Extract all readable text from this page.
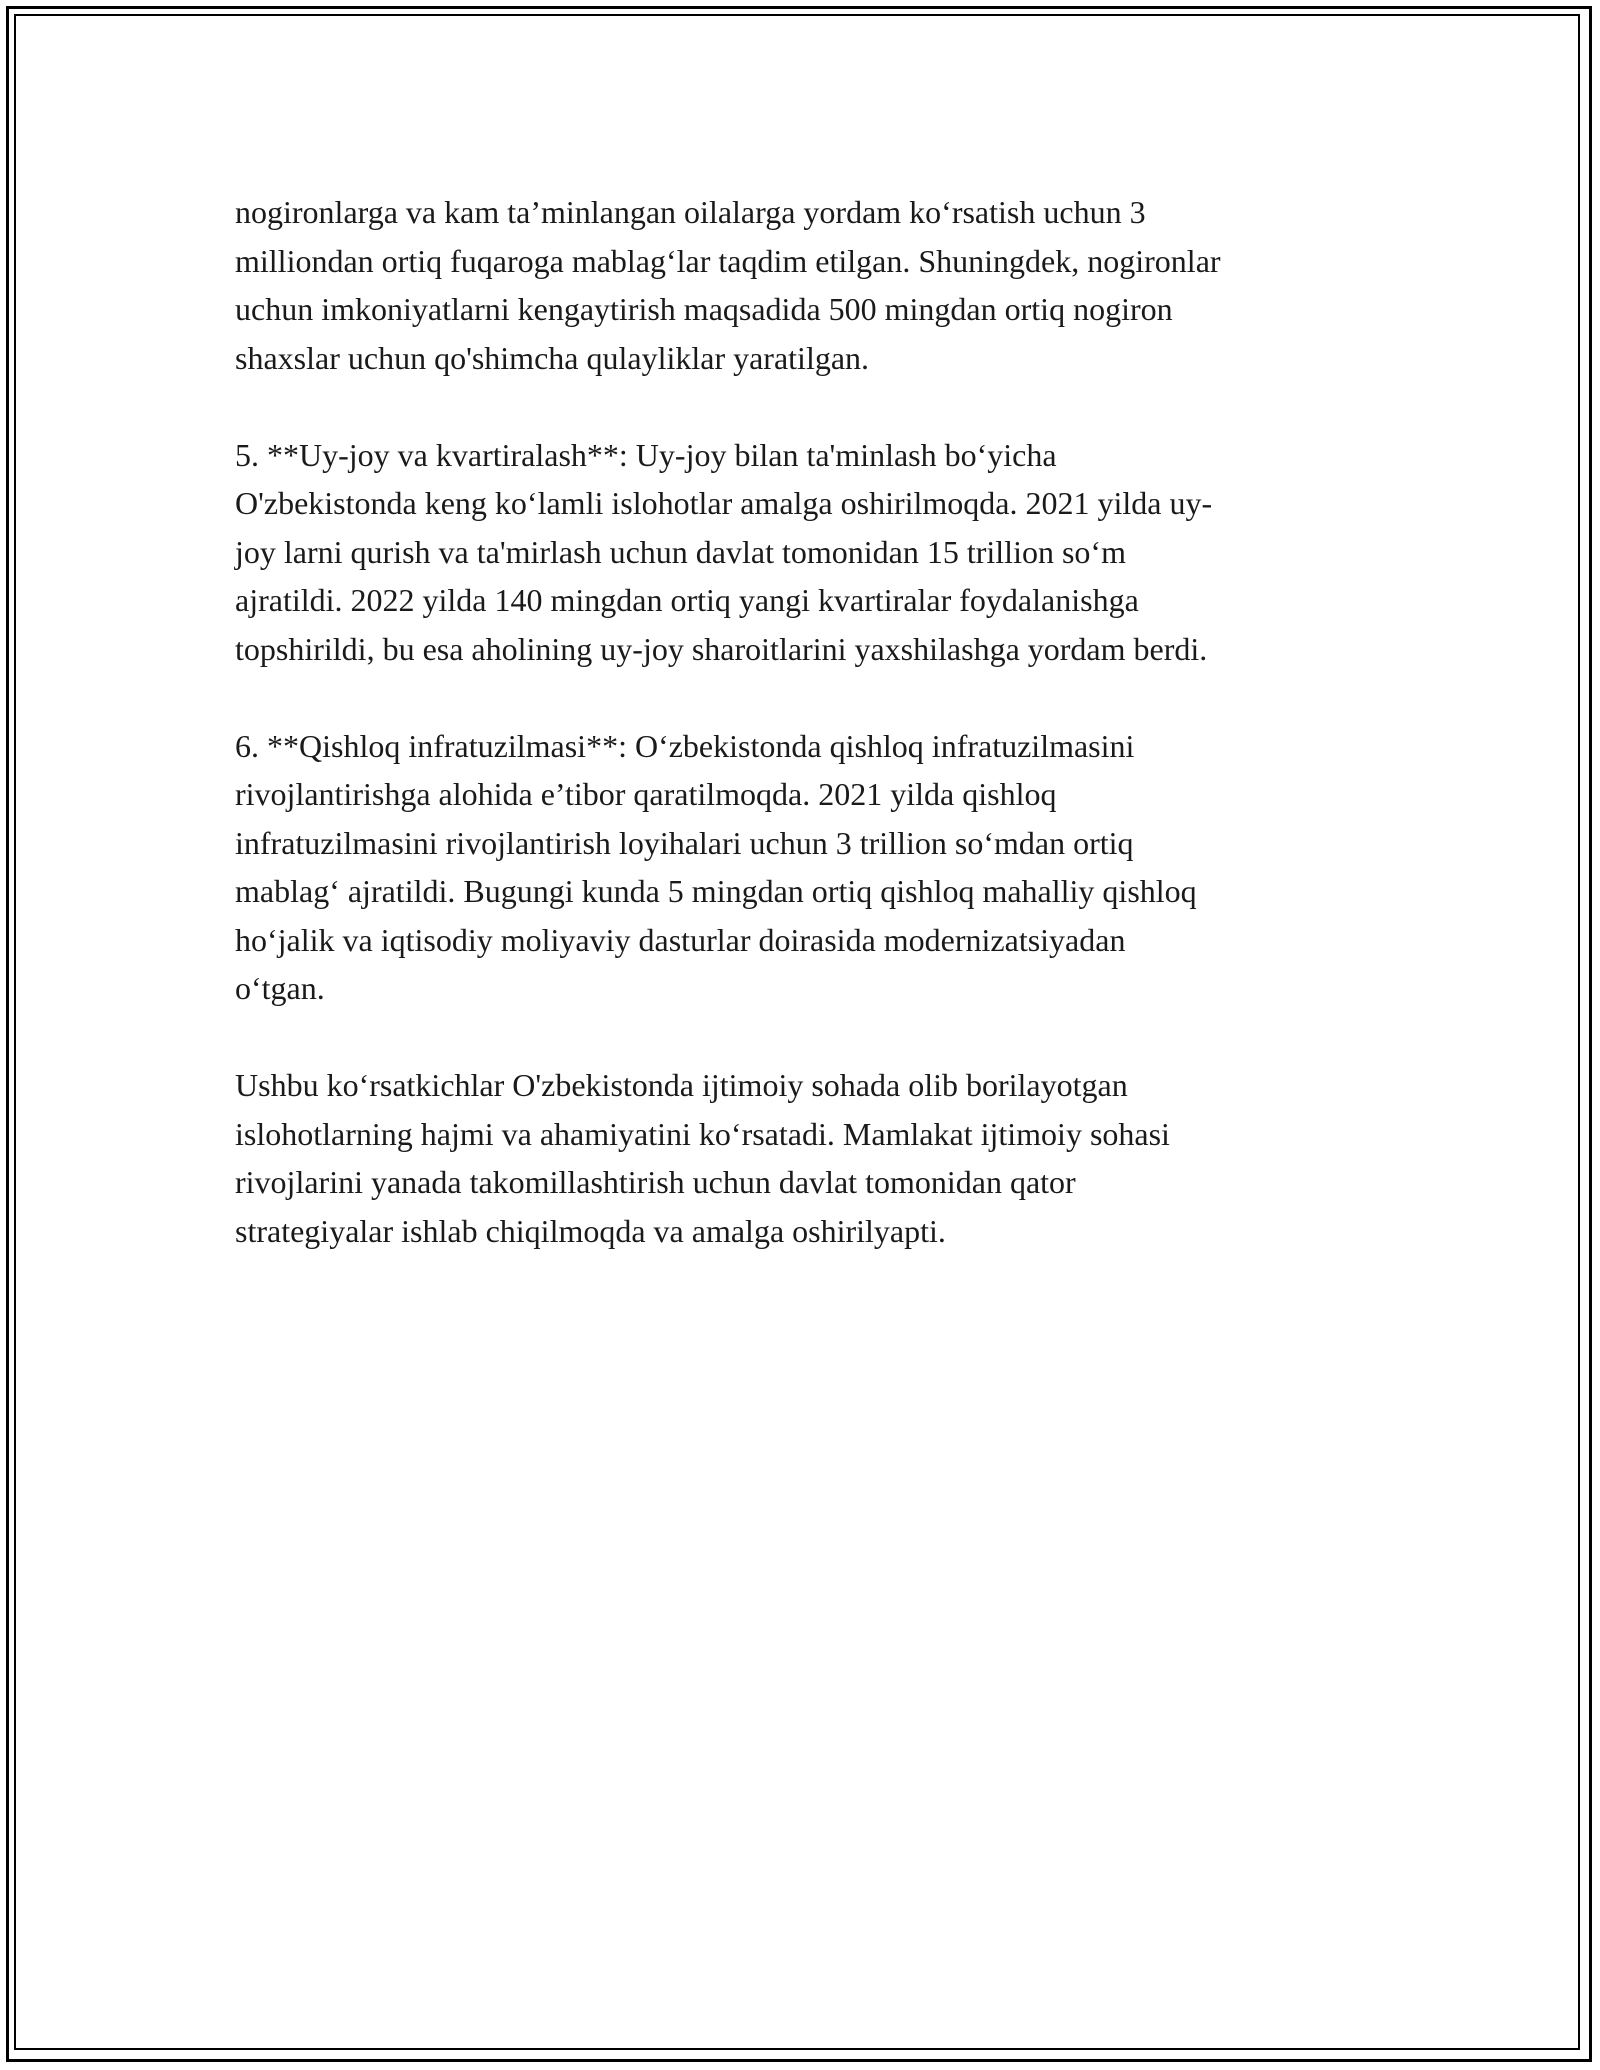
nogironlarga va kam ta’minlangan oilalarga yordam ko‘rsatish uchun 3
milliondan ortiq fuqaroga mablag‘lar taqdim etilgan. Shuningdek, nogironlar
uchun imkoniyatlarni kengaytirish maqsadida 500 mingdan ortiq nogiron
shaxslar uchun qo'shimcha qulayliklar yaratilgan.

5. **Uy-joy va kvartiralash**: Uy-joy bilan ta'minlash bo‘yicha
O'zbekistonda keng ko‘lamli islohotlar amalga oshirilmoqda. 2021 yilda uy-
joy larni qurish va ta'mirlash uchun davlat tomonidan 15 trillion so‘m
ajratildi. 2022 yilda 140 mingdan ortiq yangi kvartiralar foydalanishga
topshirildi, bu esa aholining uy-joy sharoitlarini yaxshilashga yordam berdi.

6. **Qishloq infratuzilmasi**: O‘zbekistonda qishloq infratuzilmasini
rivojlantirishga alohida e’tibor qaratilmoqda. 2021 yilda qishloq
infratuzilmasini rivojlantirish loyihalari uchun 3 trillion so‘mdan ortiq
mablag‘ ajratildi. Bugungi kunda 5 mingdan ortiq qishloq mahalliy qishloq
ho‘jalik va iqtisodiy moliyaviy dasturlar doirasida modernizatsiyadan
o‘tgan.

Ushbu ko‘rsatkichlar O'zbekistonda ijtimoiy sohada olib borilayotgan
islohotlarning hajmi va ahamiyatini ko‘rsatadi. Mamlakat ijtimoiy sohasi
rivojlarini yanada takomillashtirish uchun davlat tomonidan qator
strategiyalar ishlab chiqilmoqda va amalga oshirilyapti.
